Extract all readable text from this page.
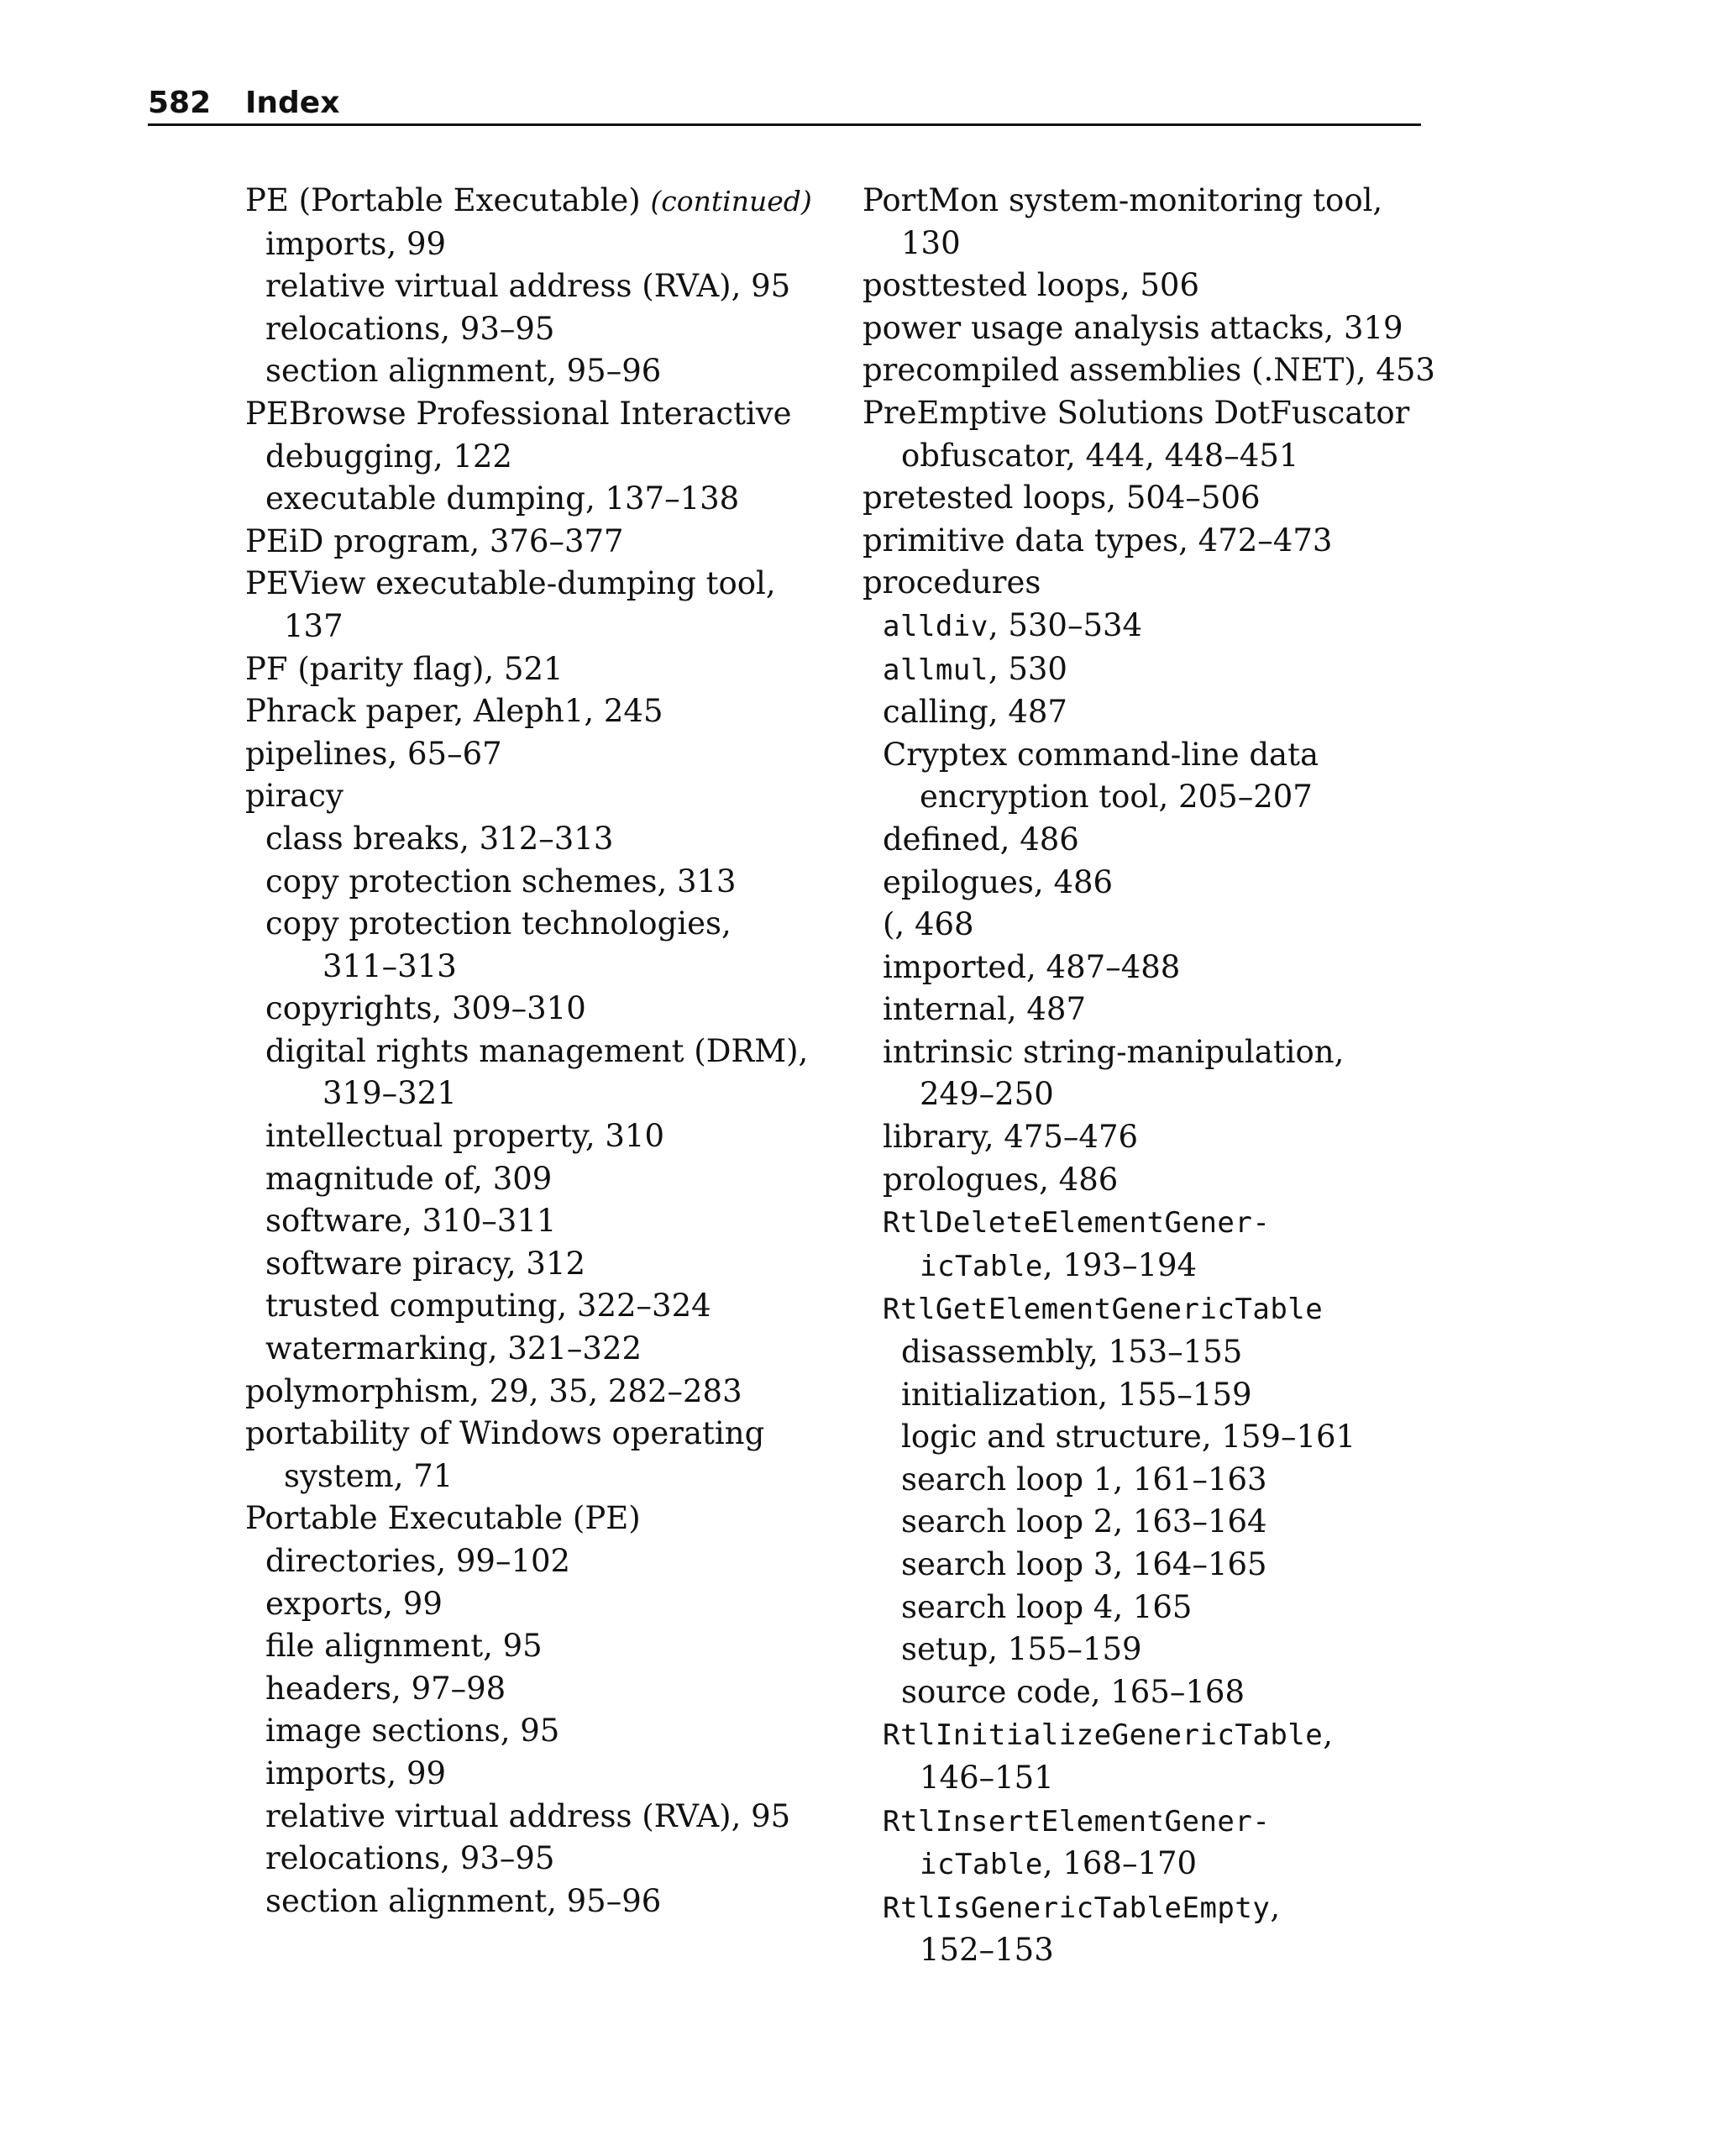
582 Index

PE (Portable Executable) (continued)

imports, 99

relative virtual address (RVA), 95

relocations, 93–95

section alignment, 95–96

PEBrowse Professional Interactive

debugging, 122

executable dumping, 137–138

PEiD program, 376–377

PEView executable-dumping tool,

137

PF (parity flag), 521

Phrack paper, Aleph1, 245

pipelines, 65–67

piracy

class breaks, 312–313

copy protection schemes, 313

copy protection technologies,

311–313

copyrights, 309–310

digital rights management (DRM),

319–321

intellectual property, 310

magnitude of, 309

software, 310–311

software piracy, 312

trusted computing, 322–324

watermarking, 321–322

polymorphism, 29, 35, 282–283

portability of Windows operating

system, 71

Portable Executable (PE)

directories, 99–102

exports, 99

file alignment, 95

headers, 97–98

image sections, 95

imports, 99

relative virtual address (RVA), 95

relocations, 93–95

section alignment, 95–96

PortMon system-monitoring tool,

130

posttested loops, 506

power usage analysis attacks, 319

precompiled assemblies (.NET), 453

PreEmptive Solutions DotFuscator

obfuscator, 444, 448–451

pretested loops, 504–506

primitive data types, 472–473

procedures

alldiv, 530–534

allmul, 530

calling, 487

Cryptex command-line data

encryption tool, 205–207

defined, 486

epilogues, 486

(, 468

imported, 487–488

internal, 487

intrinsic string-manipulation,

249–250

library, 475–476

prologues, 486

RtlDeleteElementGener-

icTable, 193–194

RtlGetElementGenericTable

disassembly, 153–155

initialization, 155–159

logic and structure, 159–161

search loop 1, 161–163

search loop 2, 163–164

search loop 3, 164–165

search loop 4, 165

setup, 155–159

source code, 165–168

RtlInitializeGenericTable,

146–151

RtlInsertElementGener-

icTable, 168–170

RtlIsGenericTableEmpty,

152–153
